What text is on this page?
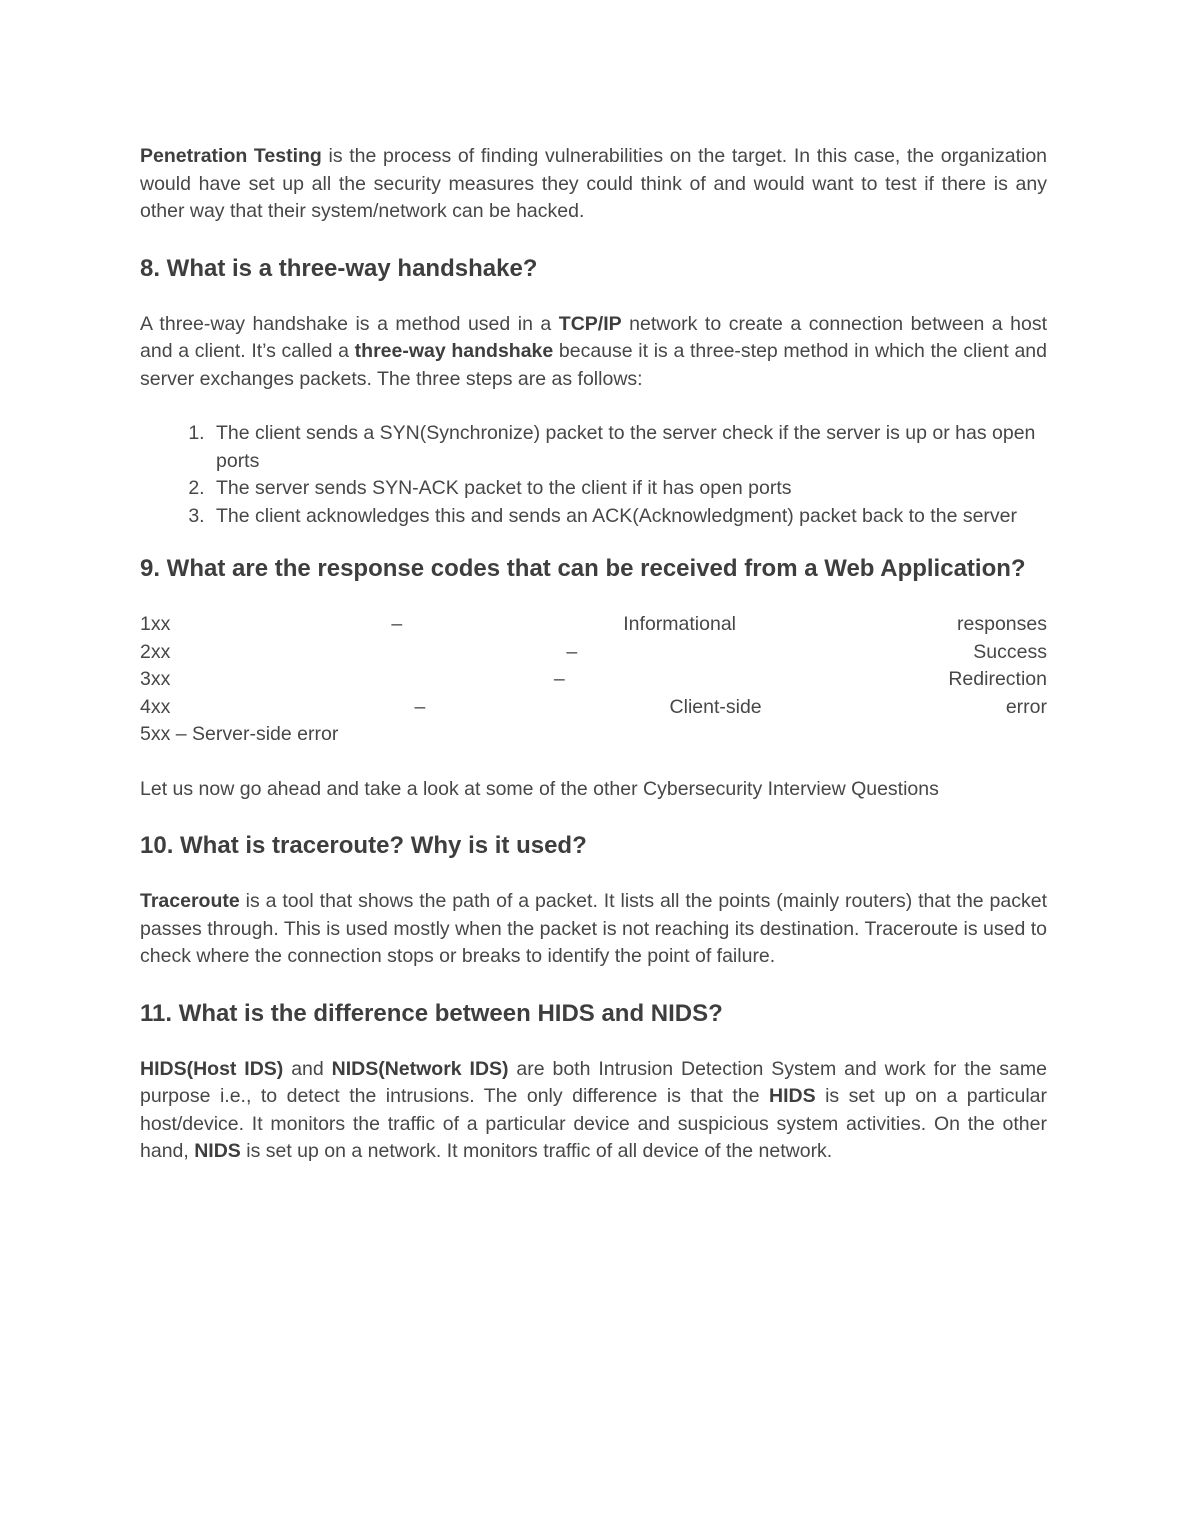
Penetration Testing is the process of finding vulnerabilities on the target. In this case, the organization would have set up all the security measures they could think of and would want to test if there is any other way that their system/network can be hacked.

8. What is a three-way handshake?

A three-way handshake is a method used in a TCP/IP network to create a connection between a host and a client. It’s called a three-way handshake because it is a three-step method in which the client and server exchanges packets. The three steps are as follows:

1. The client sends a SYN(Synchronize) packet to the server check if the server is up or has open ports
2. The server sends SYN-ACK packet to the client if it has open ports
3. The client acknowledges this and sends an ACK(Acknowledgment) packet back to the server
9. What are the response codes that can be received from a Web Application?
1xx – Informational responses
2xx – Success
3xx – Redirection
4xx – Client-side error
5xx – Server-side error

Let us now go ahead and take a look at some of the other Cybersecurity Interview Questions

10. What is traceroute? Why is it used?

Traceroute is a tool that shows the path of a packet. It lists all the points (mainly routers) that the packet passes through. This is used mostly when the packet is not reaching its destination. Traceroute is used to check where the connection stops or breaks to identify the point of failure.

11. What is the difference between HIDS and NIDS?

HIDS(Host IDS) and NIDS(Network IDS) are both Intrusion Detection System and work for the same purpose i.e., to detect the intrusions. The only difference is that the HIDS is set up on a particular host/device. It monitors the traffic of a particular device and suspicious system activities. On the other hand, NIDS is set up on a network. It monitors traffic of all device of the network.
